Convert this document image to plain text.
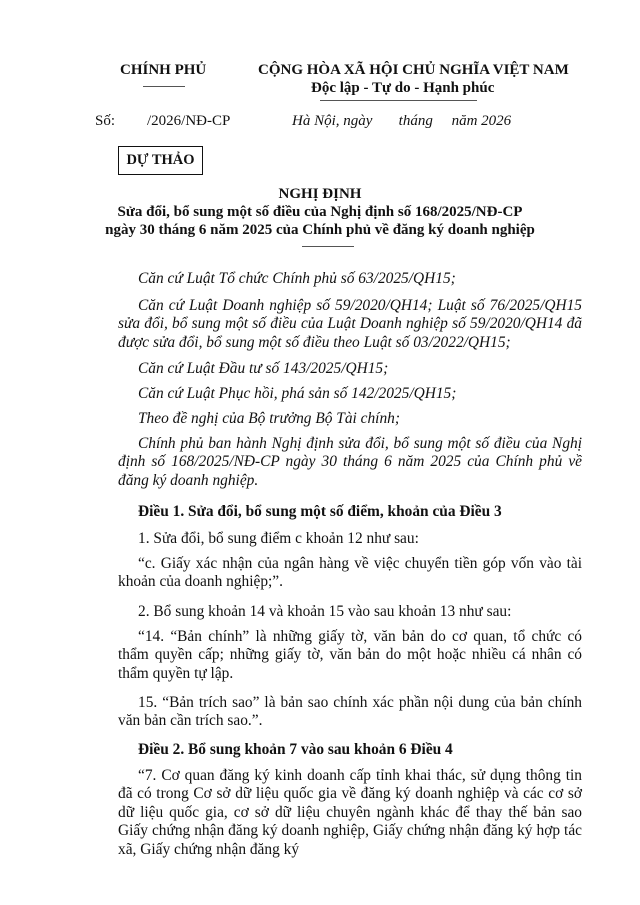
CHÍNH PHỦ	CỘNG HÒA XÃ HỘI CHỦ NGHĨA VIỆT NAM
Độc lập - Tự do - Hạnh phúc
Số: /2026/NĐ-CP	Hà Nội, ngày       tháng     năm 2026
DỰ THẢO
NGHỊ ĐỊNH
Sửa đổi, bổ sung một số điều của Nghị định số 168/2025/NĐ-CP
ngày 30 tháng 6 năm 2025 của Chính phủ về đăng ký doanh nghiệp
Căn cứ Luật Tổ chức Chính phủ số 63/2025/QH15;
Căn cứ Luật Doanh nghiệp số 59/2020/QH14; Luật số 76/2025/QH15 sửa đổi, bổ sung một số điều của Luật Doanh nghiệp số 59/2020/QH14 đã được sửa đổi, bổ sung một số điều theo Luật số 03/2022/QH15;
Căn cứ Luật Đầu tư số 143/2025/QH15;
Căn cứ Luật Phục hồi, phá sản số 142/2025/QH15;
Theo đề nghị của Bộ trưởng Bộ Tài chính;
Chính phủ ban hành Nghị định sửa đổi, bổ sung một số điều của Nghị định số 168/2025/NĐ-CP ngày 30 tháng 6 năm 2025 của Chính phủ về đăng ký doanh nghiệp.
Điều 1. Sửa đổi, bổ sung một số điểm, khoản của Điều 3
1. Sửa đổi, bổ sung điểm c khoản 12 như sau:
“c. Giấy xác nhận của ngân hàng về việc chuyển tiền góp vốn vào tài khoản của doanh nghiệp;”.
2. Bổ sung khoản 14 và khoản 15 vào sau khoản 13 như sau:
“14. “Bản chính” là những giấy tờ, văn bản do cơ quan, tổ chức có thẩm quyền cấp; những giấy tờ, văn bản do một hoặc nhiều cá nhân có thẩm quyền tự lập.
15. “Bản trích sao” là bản sao chính xác phần nội dung của bản chính văn bản cần trích sao.”.
Điều 2. Bổ sung khoản 7 vào sau khoản 6 Điều 4
“7. Cơ quan đăng ký kinh doanh cấp tỉnh khai thác, sử dụng thông tin đã có trong Cơ sở dữ liệu quốc gia về đăng ký doanh nghiệp và các cơ sở dữ liệu quốc gia, cơ sở dữ liệu chuyên ngành khác để thay thế bản sao Giấy chứng nhận đăng ký doanh nghiệp, Giấy chứng nhận đăng ký hợp tác xã, Giấy chứng nhận đăng ký
